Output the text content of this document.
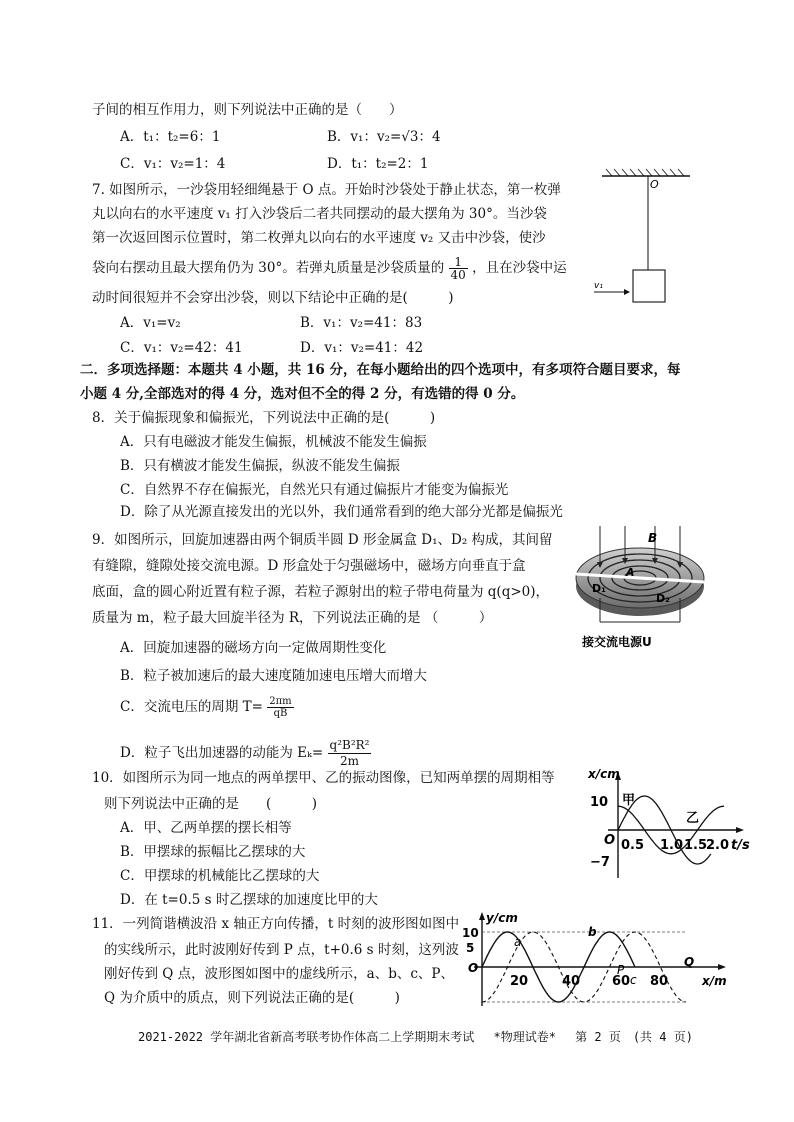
子间的相互作用力，则下列说法中正确的是（　　）
A．t₁：t₂=6：1	B．v₁：v₂=√3：4
C．v₁：v₂=1：4	D．t₁：t₂=2：1
7. 如图所示，一沙袋用轻细绳悬于 O 点。开始时沙袋处于静止状态，第一枚弹
丸以向右的水平速度 v₁ 打入沙袋后二者共同摆动的最大摆角为 30°。当沙袋
第一次返回图示位置时，第二枚弹丸以向右的水平速度 v₂ 又击中沙袋，使沙
袋向右摆动且最大摆角仍为 30°。若弹丸质量是沙袋质量的 $\frac{1}{40}$ ，且在沙袋中运
动时间很短并不会穿出沙袋，则以下结论中正确的是(　　　)
A．v₁=v₂	B．v₁：v₂=41：83
C．v₁：v₂=42：41	D．v₁：v₂=41：42
O
v₁
二．多项选择题：本题共 4 小题，共 16 分，在每小题给出的四个选项中，有多项符合题目要求，每
小题 4 分,全部选对的得 4 分，选对但不全的得 2 分，有选错的得 0 分。
8．关于偏振现象和偏振光，下列说法中正确的是(　　　)
A．只有电磁波才能发生偏振，机械波不能发生偏振
B．只有横波才能发生偏振，纵波不能发生偏振
C．自然界不存在偏振光，自然光只有通过偏振片才能变为偏振光
D．除了从光源直接发出的光以外，我们通常看到的绝大部分光都是偏振光
9．如图所示，回旋加速器由两个铜质半圆 D 形金属盒 D₁、D₂ 构成，其间留
有缝隙，缝隙处接交流电源。D 形盒处于匀强磁场中，磁场方向垂直于盒
底面，盒的圆心附近置有粒子源，若粒子源射出的粒子带电荷量为 q(q>0)，
质量为 m，粒子最大回旋半径为 R，下列说法正确的是 （　　　）
A．回旋加速器的磁场方向一定做周期性变化
B．粒子被加速后的最大速度随加速电压增大而增大
C．交流电压的周期 $T= \frac{2\pi m}{qB}$
D．粒子飞出加速器的动能为 $E_k= \frac{\text{q²B²R²}}{2m}$
B
A
D₁
D₂
接交流电源U
10．如图所示为同一地点的两单摆甲、乙的振动图像，已知两单摆的周期相等
则下列说法中正确的是　　(　　　)
A．甲、乙两单摆的摆长相等
B．甲摆球的振幅比乙摆球的大
C．甲摆球的机械能比乙摆球的大
D．在 t=0.5 s 时乙摆球的加速度比甲的大
x/cm
10
−7
O 0.5 1.0 1.5
2.0 t/s
甲
乙
11．一列简谐横波沿 x 轴正方向传播，t 时刻的波形图如图中
的实线所示，此时波刚好传到 P 点，t+0.6 s 时刻，这列波
刚好传到 Q 点，波形图如图中的虚线所示，a、b、c、P、
Q 为介质中的质点，则下列说法正确的是(　　　)
y/cm
10
5
O
20	40 60 80	x/m
a
b
c
P
Q
2021-2022 学年湖北省新高考联考协作体高二上学期期末考试　 *物理试卷*　 第 2 页　(共 4 页)
